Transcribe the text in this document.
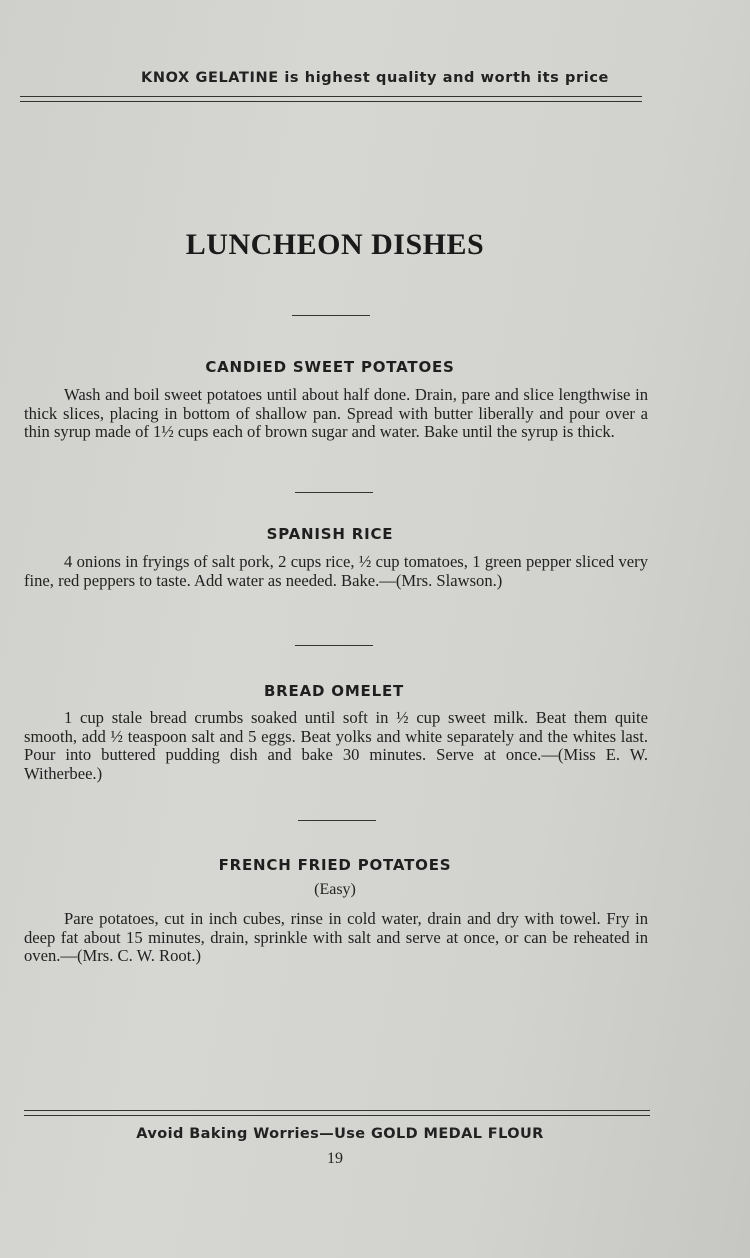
KNOX GELATINE is highest quality and worth its price
LUNCHEON DISHES
CANDIED SWEET POTATOES
Wash and boil sweet potatoes until about half done. Drain, pare and slice lengthwise in thick slices, placing in bottom of shallow pan. Spread with butter liberally and pour over a thin syrup made of 1½ cups each of brown sugar and water. Bake until the syrup is thick.
SPANISH RICE
4 onions in fryings of salt pork, 2 cups rice, ½ cup tomatoes, 1 green pepper sliced very fine, red peppers to taste. Add water as needed. Bake.—(Mrs. Slawson.)
BREAD OMELET
1 cup stale bread crumbs soaked until soft in ½ cup sweet milk. Beat them quite smooth, add ½ teaspoon salt and 5 eggs. Beat yolks and white separately and the whites last. Pour into buttered pudding dish and bake 30 minutes. Serve at once.—(Miss E. W. Witherbee.)
FRENCH FRIED POTATOES
(Easy)
Pare potatoes, cut in inch cubes, rinse in cold water, drain and dry with towel. Fry in deep fat about 15 minutes, drain, sprinkle with salt and serve at once, or can be reheated in oven.—(Mrs. C. W. Root.)
Avoid Baking Worries—Use GOLD MEDAL FLOUR
19
